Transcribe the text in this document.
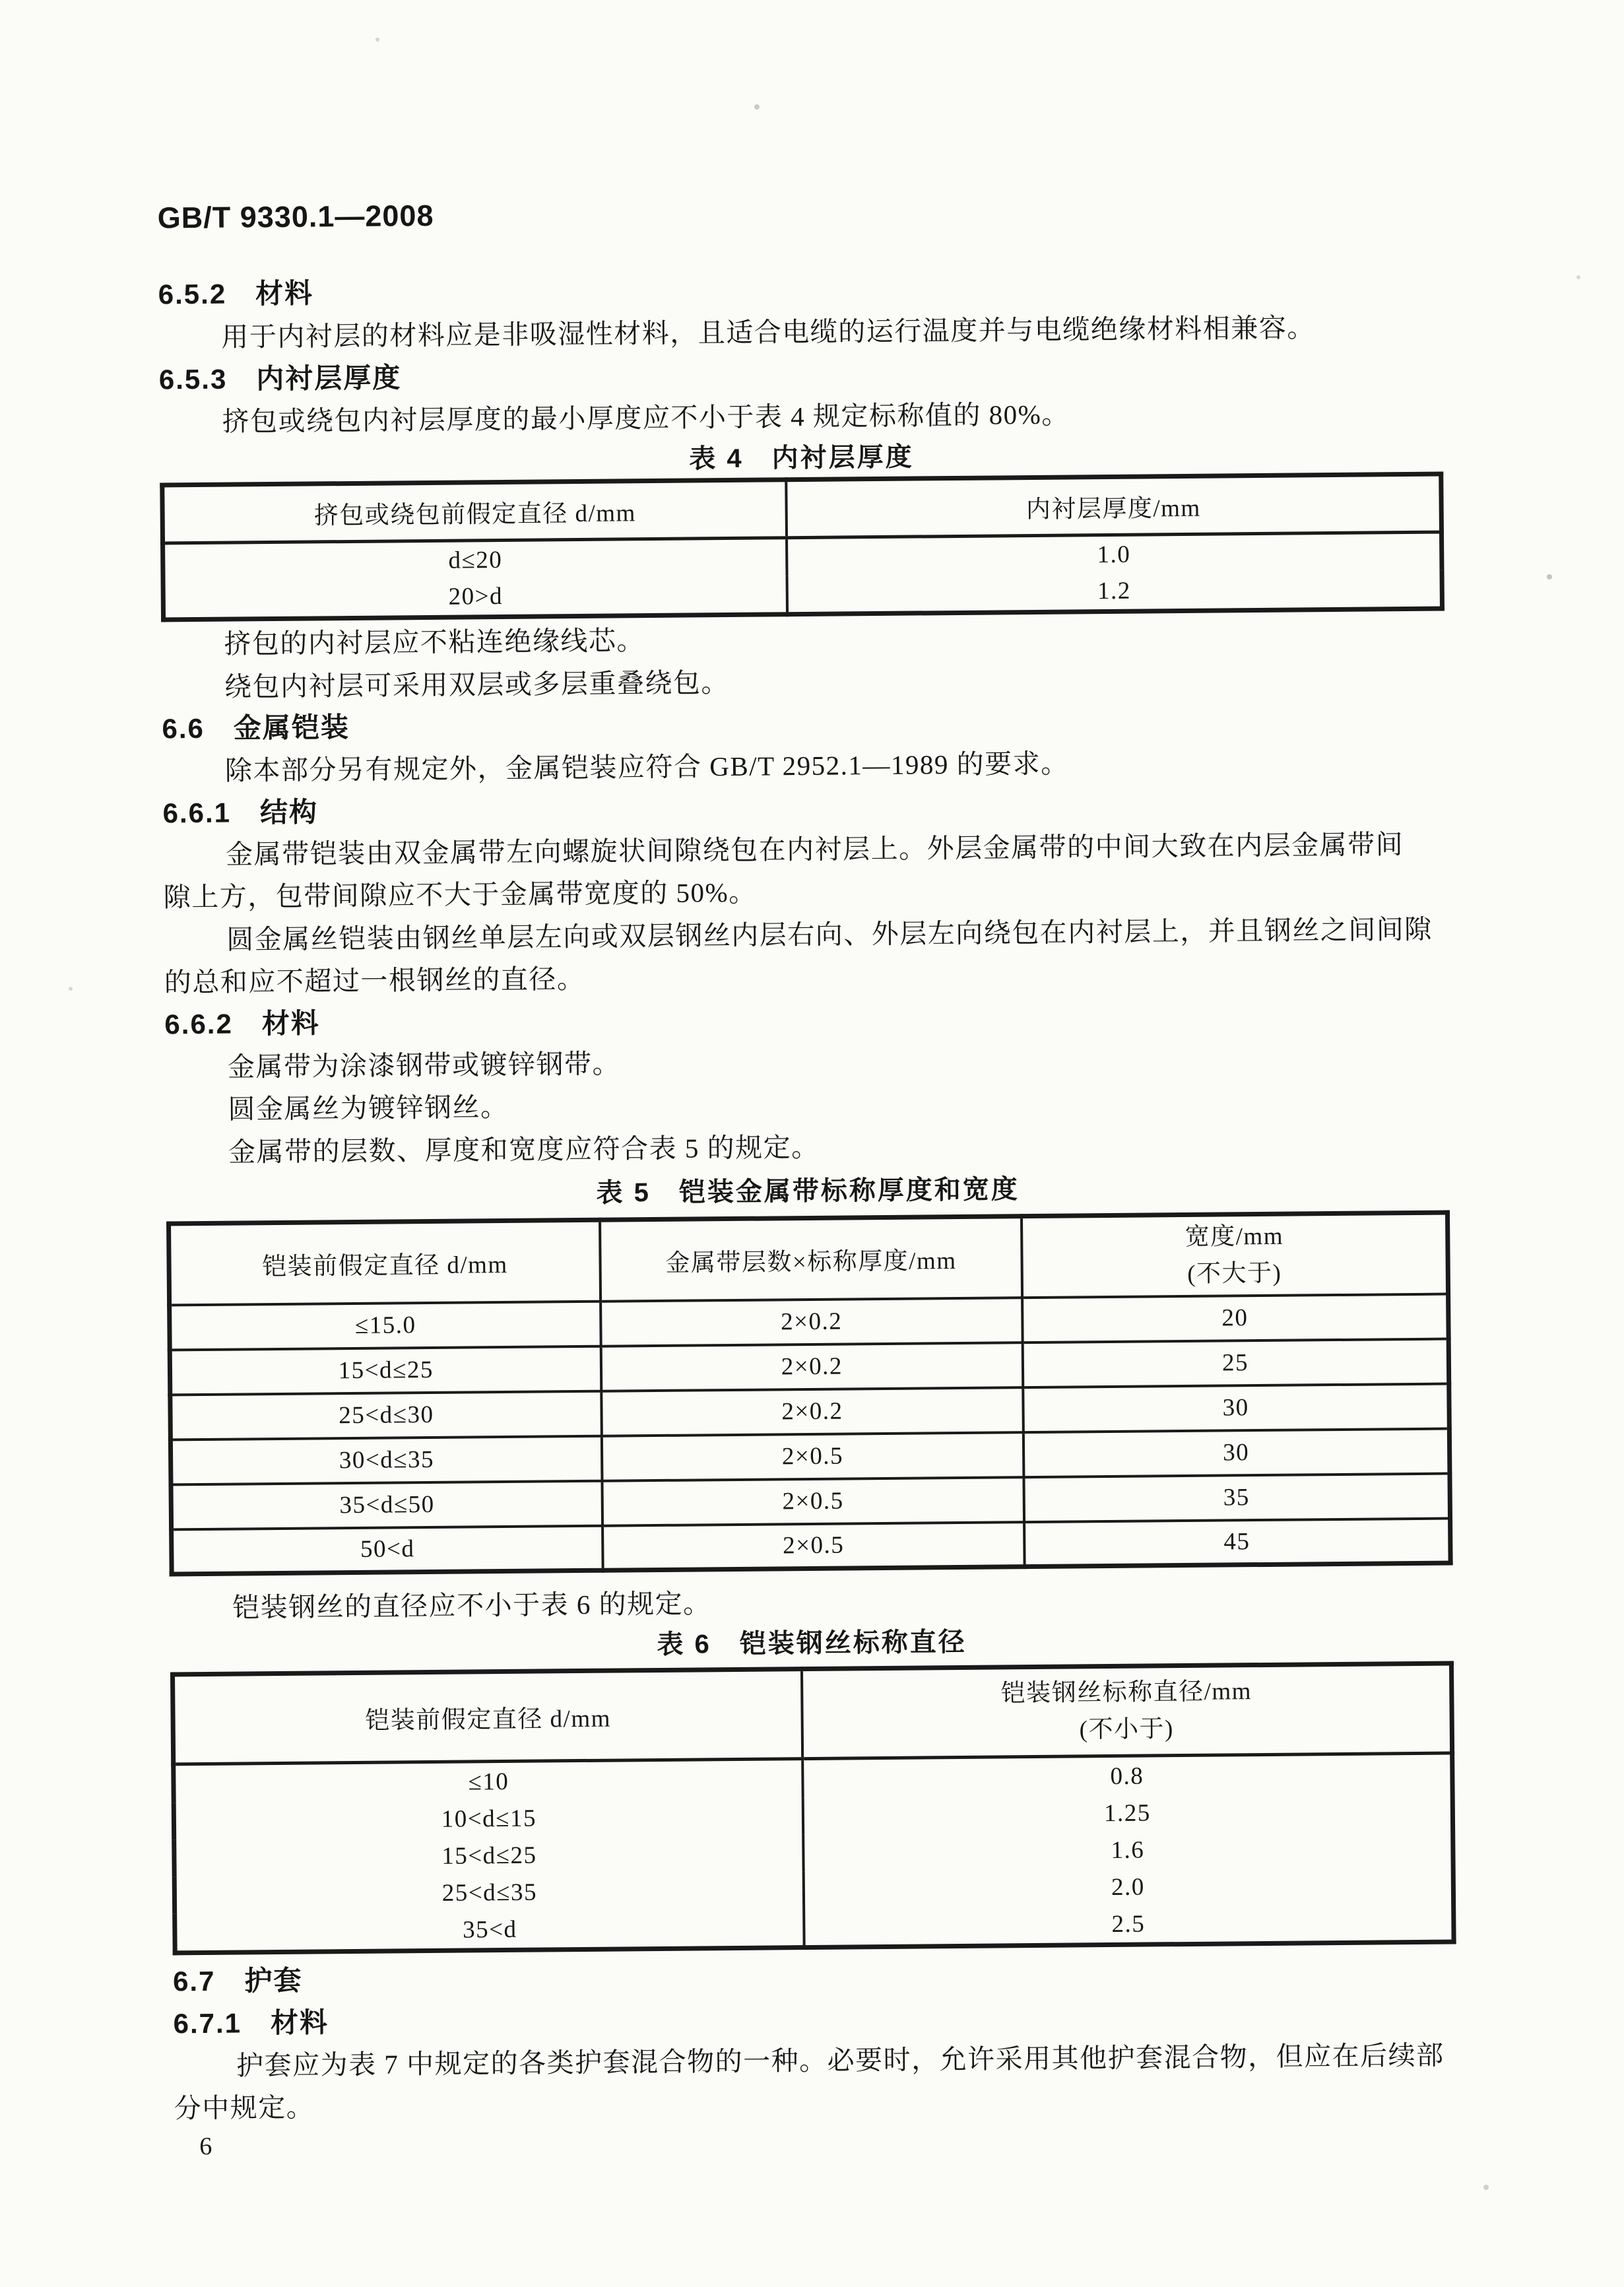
GB/T 9330.1—2008
6.5.2　材料
用于内衬层的材料应是非吸湿性材料，且适合电缆的运行温度并与电缆绝缘材料相兼容。
6.5.3　内衬层厚度
挤包或绕包内衬层厚度的最小厚度应不小于表 4 规定标称值的 80%。
表 4　内衬层厚度
挤包或绕包前假定直径 d/mm	内衬层厚度/mm
d≤20	1.0
20>d	1.2
挤包的内衬层应不粘连绝缘线芯。
绕包内衬层可采用双层或多层重叠绕包。
6.6　金属铠装
除本部分另有规定外，金属铠装应符合 GB/T 2952.1—1989 的要求。
6.6.1　结构
金属带铠装由双金属带左向螺旋状间隙绕包在内衬层上。外层金属带的中间大致在内层金属带间
隙上方，包带间隙应不大于金属带宽度的 50%。
圆金属丝铠装由钢丝单层左向或双层钢丝内层右向、外层左向绕包在内衬层上，并且钢丝之间间隙
的总和应不超过一根钢丝的直径。
6.6.2　材料
金属带为涂漆钢带或镀锌钢带。
圆金属丝为镀锌钢丝。
金属带的层数、厚度和宽度应符合表 5 的规定。
表 5　铠装金属带标称厚度和宽度
铠装前假定直径 d/mm	金属带层数×标称厚度/mm	宽度/mm
(不大于)

≤15.0	2×0.2	20
15<d≤25	2×0.2	25
25<d≤30	2×0.2	30
30<d≤35	2×0.5	30
35<d≤50	2×0.5	35
50<d	2×0.5	45
铠装钢丝的直径应不小于表 6 的规定。
表 6　铠装钢丝标称直径
铠装前假定直径 d/mm	铠装钢丝标称直径/mm
(不小于)

≤10	0.8
10<d≤15	1.25
15<d≤25	1.6
25<d≤35	2.0
35<d	2.5
6.7　护套
6.7.1　材料
护套应为表 7 中规定的各类护套混合物的一种。必要时，允许采用其他护套混合物，但应在后续部
分中规定。
6
